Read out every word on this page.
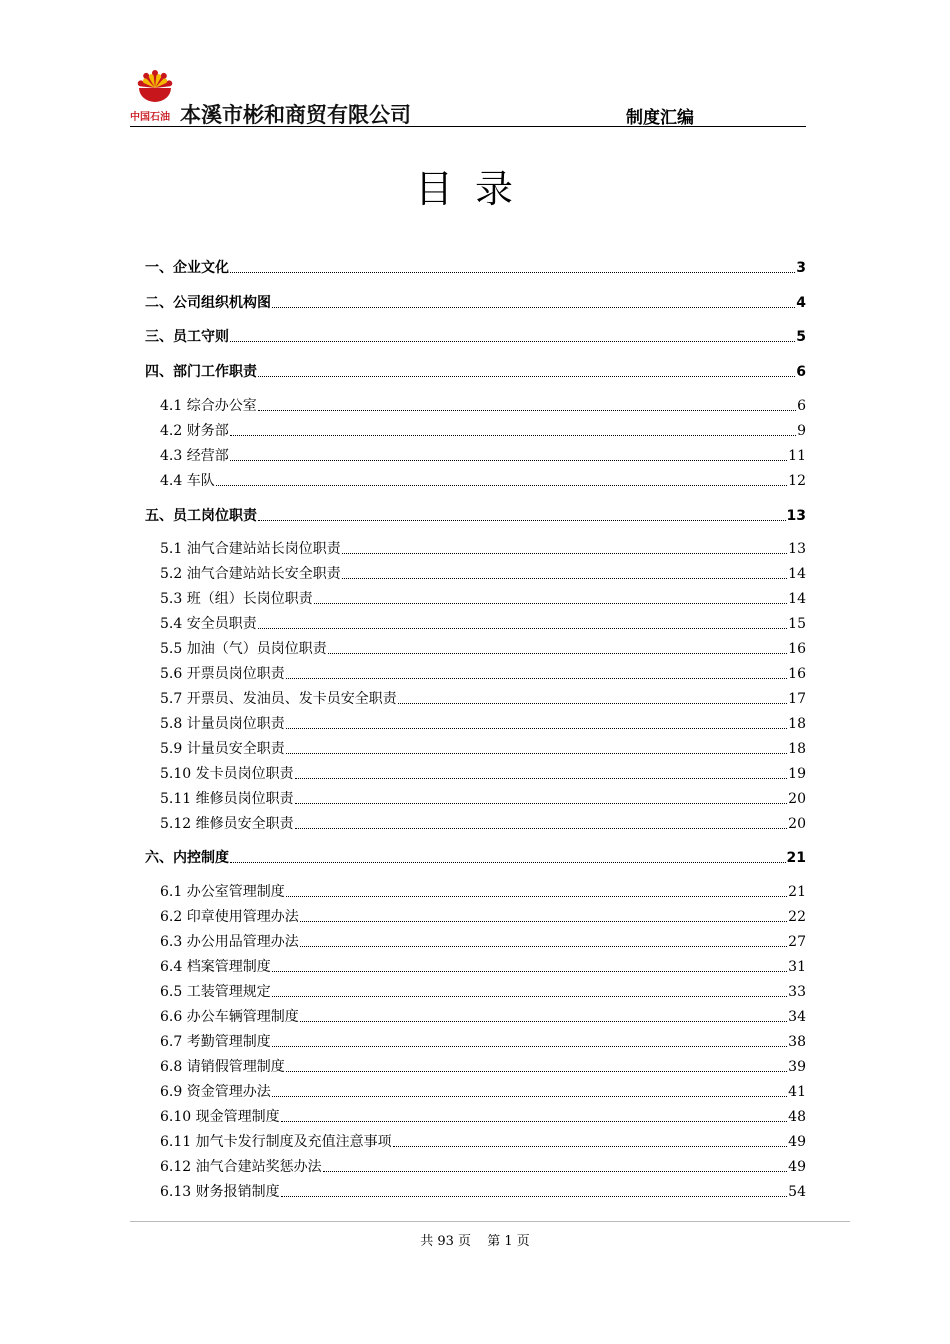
中国石油 本溪市彬和商贸有限公司	制度汇编
目录
一、企业文化	3
二、公司组织机构图	4
三、员工守则	5
四、部门工作职责	6
4.1 综合办公室	6
4.2 财务部	9
4.3 经营部	11
4.4 车队	12
五、员工岗位职责	13
5.1 油气合建站站长岗位职责	13
5.2 油气合建站站长安全职责	14
5.3 班（组）长岗位职责	14
5.4 安全员职责	15
5.5 加油（气）员岗位职责	16
5.6 开票员岗位职责	16
5.7 开票员、发油员、发卡员安全职责	17
5.8 计量员岗位职责	18
5.9 计量员安全职责	18
5.10 发卡员岗位职责	19
5.11 维修员岗位职责	20
5.12 维修员安全职责	20
六、内控制度	21
6.1 办公室管理制度	21
6.2 印章使用管理办法	22
6.3 办公用品管理办法	27
6.4 档案管理制度	31
6.5 工装管理规定	33
6.6 办公车辆管理制度	34
6.7 考勤管理制度	38
6.8 请销假管理制度	39
6.9 资金管理办法	41
6.10 现金管理制度	48
6.11 加气卡发行制度及充值注意事项	49
6.12 油气合建站奖惩办法	49
6.13 财务报销制度	54
共 93 页 第 1 页
